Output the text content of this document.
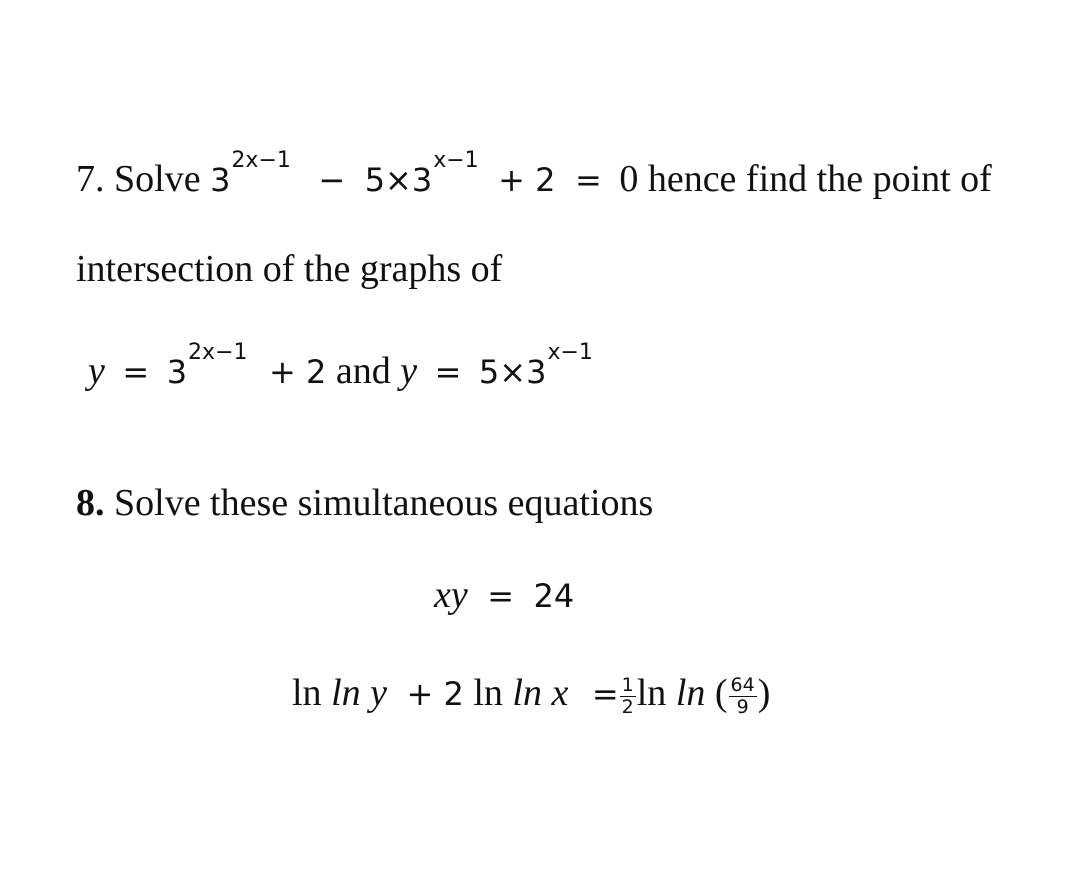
7. Solve $3^{2x-1} - 5\times 3^{x-1} + 2 = 0$ hence find the point of
intersection of the graphs of
$y = 3^{2x-1} + 2$ and $y = 5\times 3^{x-1}$
8. Solve these simultaneous equations
xy = 24
ln ln y + 2 $\ln \ln x = \frac{1}{2}$ ln ln ( $\frac{64}{9}$ )
